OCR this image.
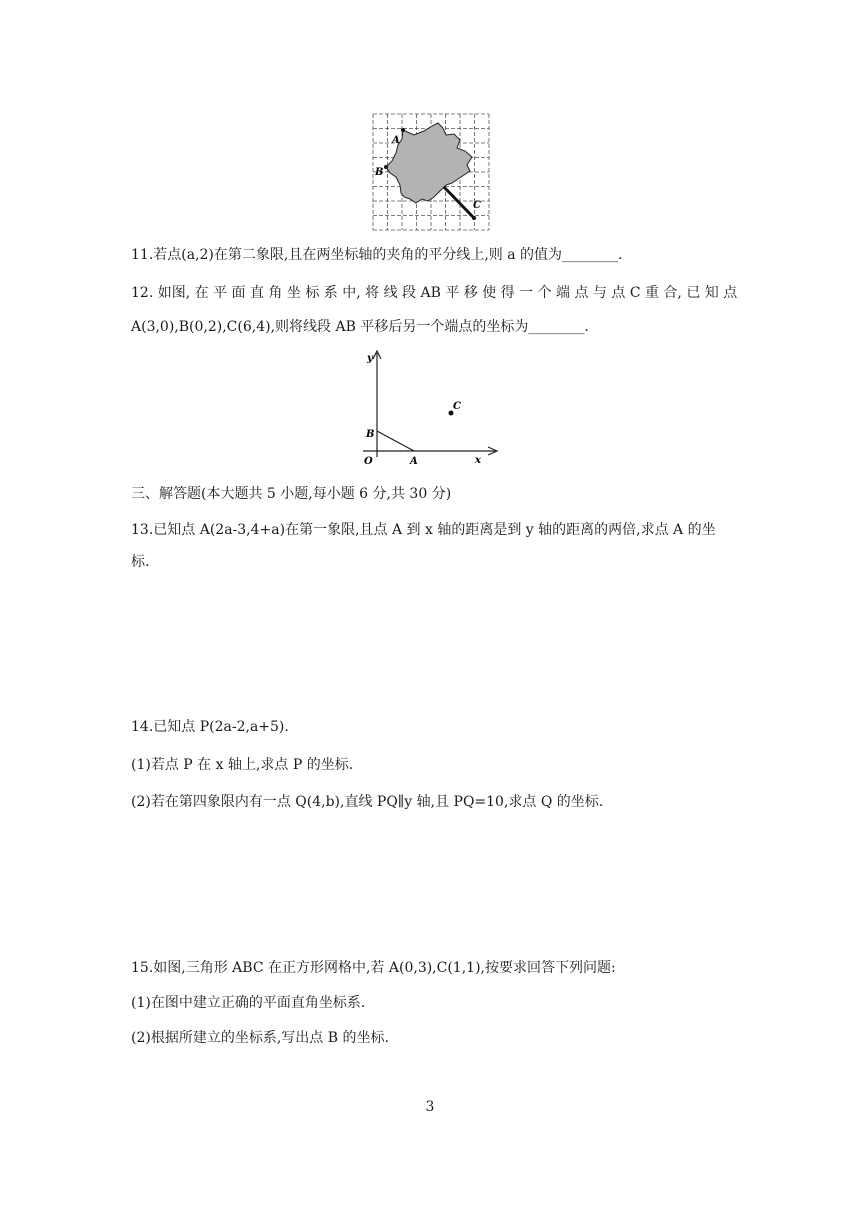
A
B
C
11.若点(a,2)在第二象限,且在两坐标轴的夹角的平分线上,则 a 的值为________.
12. 如图, 在 平 面 直 角 坐 标 系 中, 将 线 段 AB 平 移 使 得 一 个 端 点 与 点 C 重 合, 已 知 点
A(3,0),B(0,2),C(6,4),则将线段 AB 平移后另一个端点的坐标为________.
y
x
O	A
B
C
三、解答题(本大题共 5 小题,每小题 6 分,共 30 分)
13.已知点 A(2a-3,4+a)在第一象限,且点 A 到 x 轴的距离是到 y 轴的距离的两倍,求点 A 的坐
标.
14.已知点 P(2a-2,a+5).
(1)若点 P 在 x 轴上,求点 P 的坐标.
(2)若在第四象限内有一点 Q(4,b),直线 PQ∥y 轴,且 PQ=10,求点 Q 的坐标.
15.如图,三角形 ABC 在正方形网格中,若 A(0,3),C(1,1),按要求回答下列问题:
(1)在图中建立正确的平面直角坐标系.
(2)根据所建立的坐标系,写出点 B 的坐标.
3
